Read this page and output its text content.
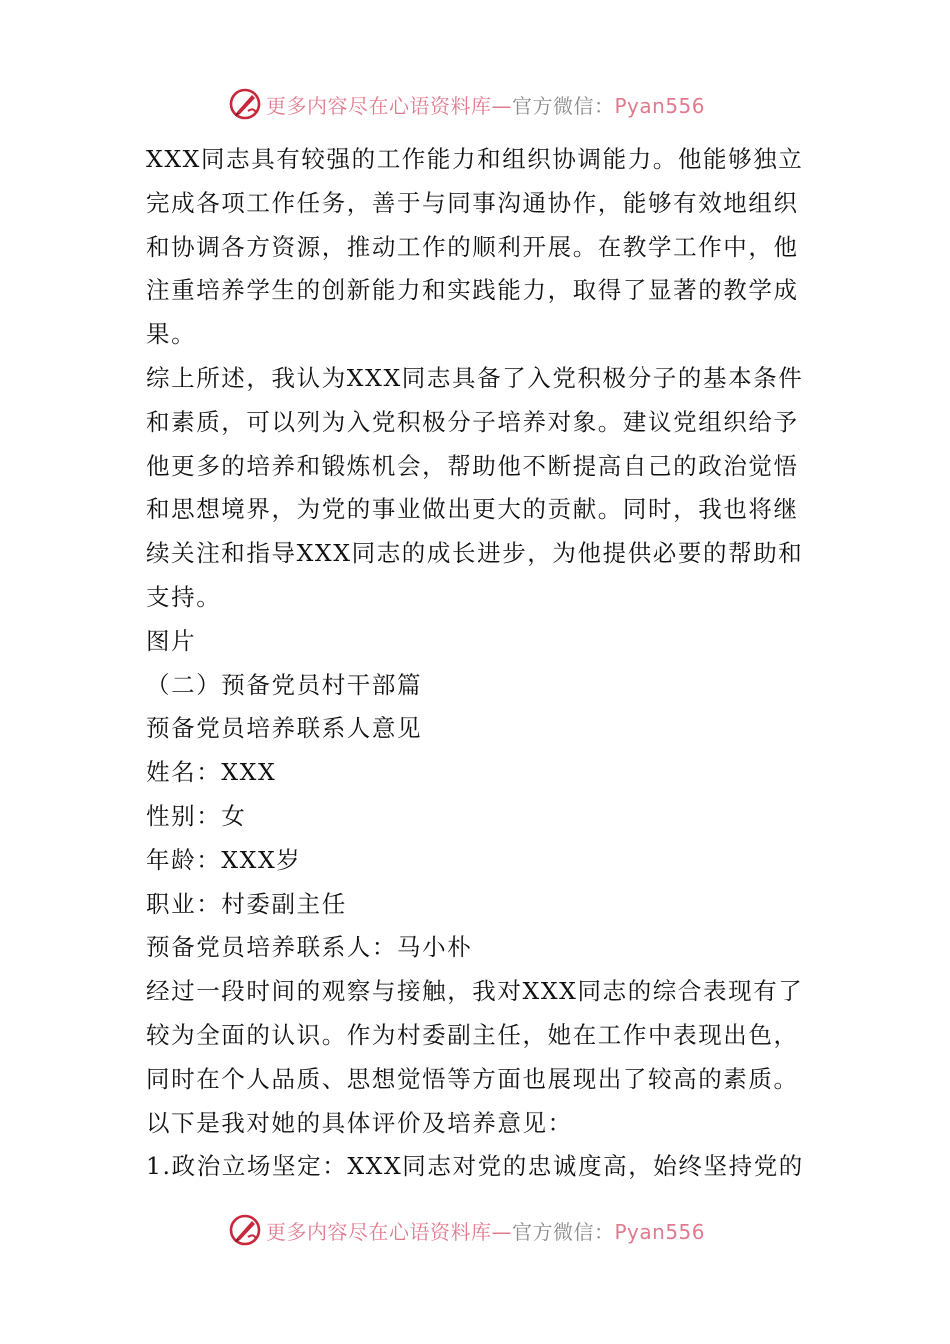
更多内容尽在心语资料库—官方微信：Pyan556
XXX同志具有较强的工作能力和组织协调能力。他能够独立
完成各项工作任务，善于与同事沟通协作，能够有效地组织
和协调各方资源，推动工作的顺利开展。在教学工作中，他
注重培养学生的创新能力和实践能力，取得了显著的教学成
果。
综上所述，我认为XXX同志具备了入党积极分子的基本条件
和素质，可以列为入党积极分子培养对象。建议党组织给予
他更多的培养和锻炼机会，帮助他不断提高自己的政治觉悟
和思想境界，为党的事业做出更大的贡献。同时，我也将继
续关注和指导XXX同志的成长进步，为他提供必要的帮助和
支持。
图片
（二）预备党员村干部篇
预备党员培养联系人意见
姓名：XXX
性别：女
年龄：XXX岁
职业：村委副主任
预备党员培养联系人：马小朴
经过一段时间的观察与接触，我对XXX同志的综合表现有了
较为全面的认识。作为村委副主任，她在工作中表现出色，
同时在个人品质、思想觉悟等方面也展现出了较高的素质。
以下是我对她的具体评价及培养意见：
1.政治立场坚定：XXX同志对党的忠诚度高，始终坚持党的
更多内容尽在心语资料库—官方微信：Pyan556
